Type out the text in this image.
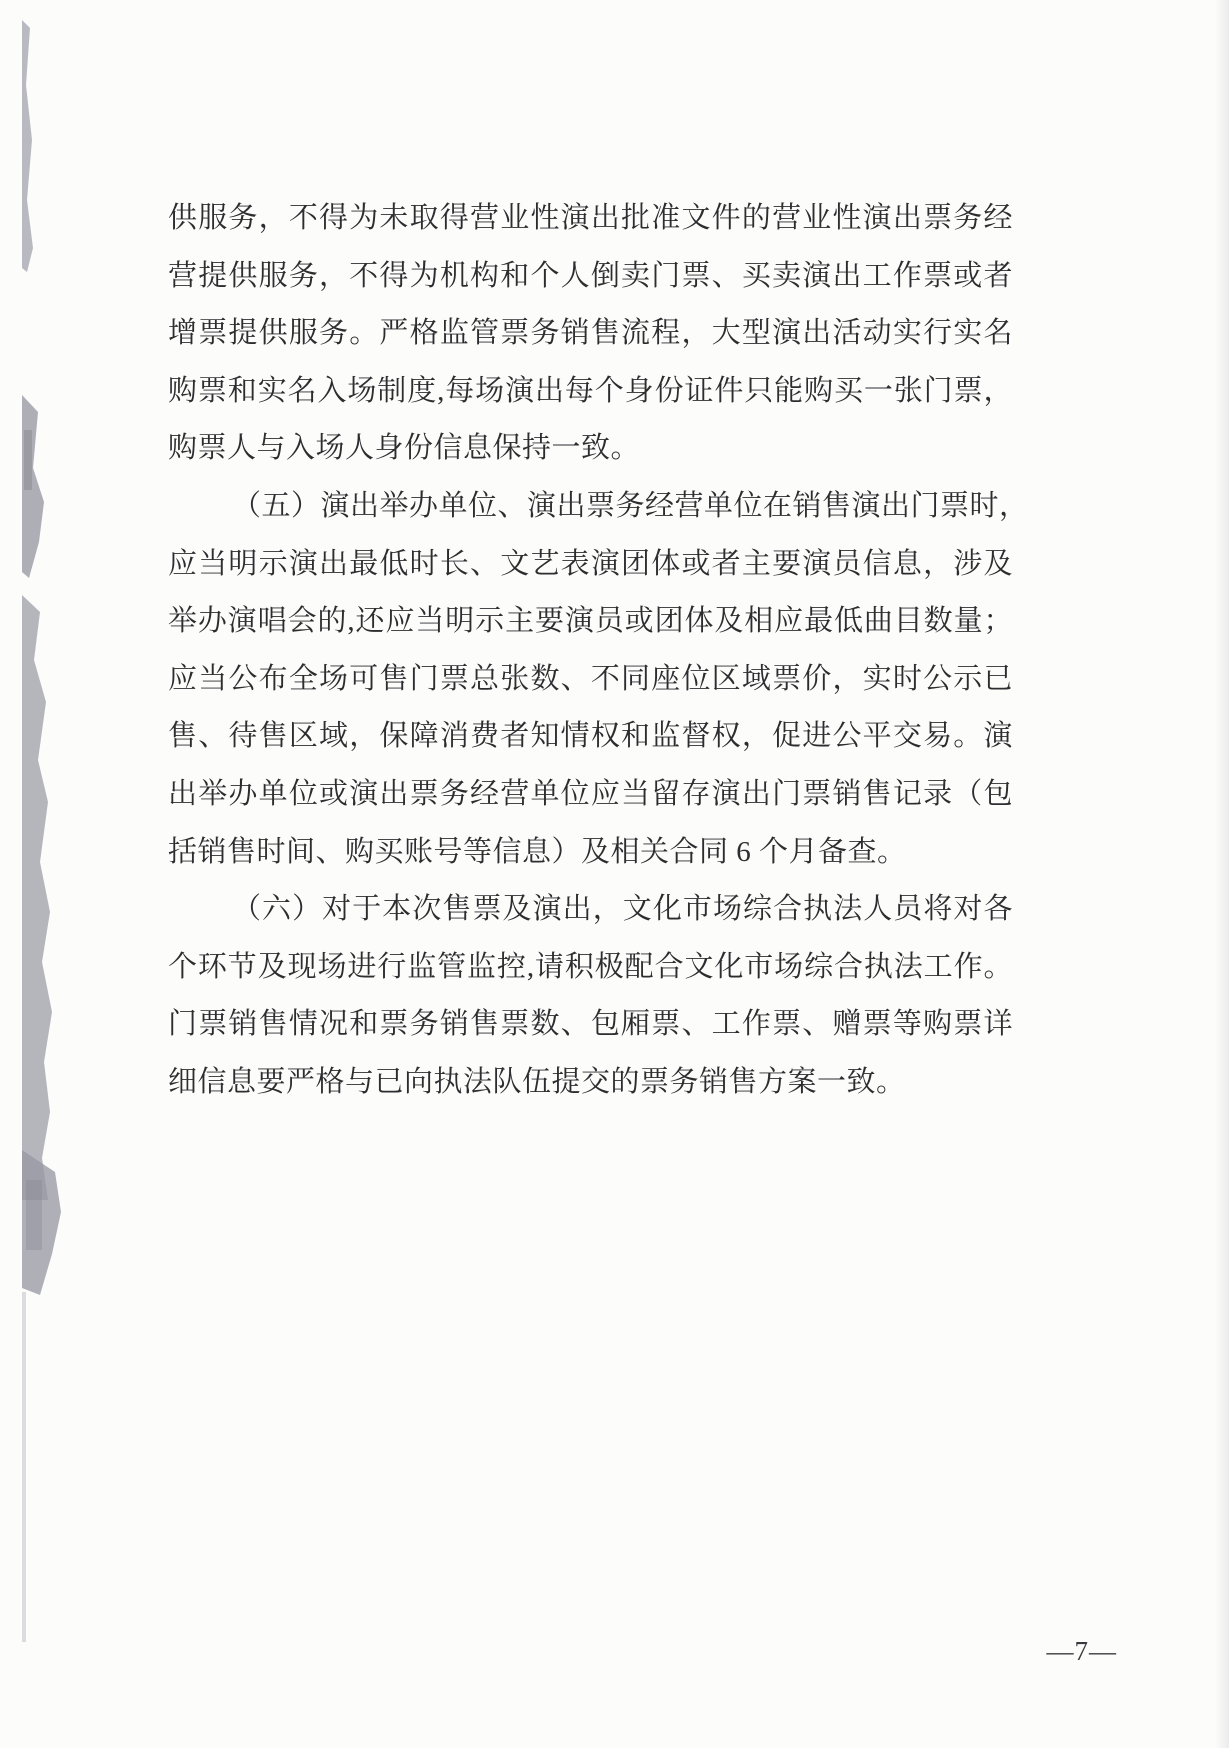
供服务，不得为未取得营业性演出批准文件的营业性演出票务经
营提供服务，不得为机构和个人倒卖门票、买卖演出工作票或者
增票提供服务。严格监管票务销售流程，大型演出活动实行实名
购票和实名入场制度,每场演出每个身份证件只能购买一张门票，
购票人与入场人身份信息保持一致。
（五）演出举办单位、演出票务经营单位在销售演出门票时，
应当明示演出最低时长、文艺表演团体或者主要演员信息，涉及
举办演唱会的,还应当明示主要演员或团体及相应最低曲目数量；
应当公布全场可售门票总张数、不同座位区域票价，实时公示已
售、待售区域，保障消费者知情权和监督权，促进公平交易。演
出举办单位或演出票务经营单位应当留存演出门票销售记录（包
括销售时间、购买账号等信息）及相关合同 6 个月备查。
（六）对于本次售票及演出，文化市场综合执法人员将对各
个环节及现场进行监管监控,请积极配合文化市场综合执法工作。
门票销售情况和票务销售票数、包厢票、工作票、赠票等购票详
细信息要严格与已向执法队伍提交的票务销售方案一致。
—7—
